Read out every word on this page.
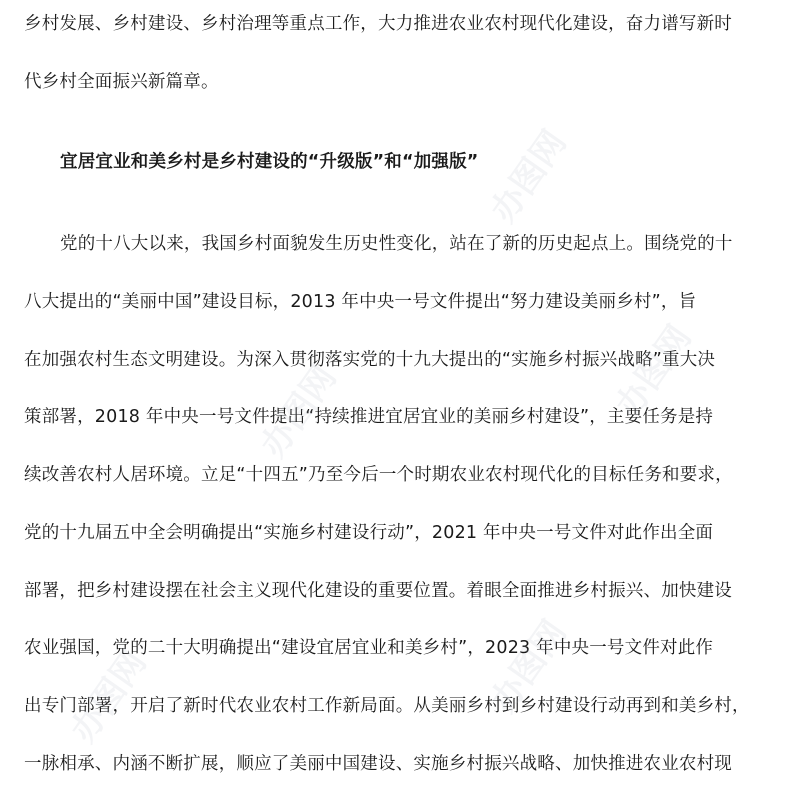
乡村发展、乡村建设、乡村治理等重点工作，大力推进农业农村现代化建设，奋力谱写新时
代乡村全面振兴新篇章。
宜居宜业和美乡村是乡村建设的“升级版”和“加强版”
党的十八大以来，我国乡村面貌发生历史性变化，站在了新的历史起点上。围绕党的十
八大提出的“美丽中国”建设目标，2013 年中央一号文件提出“努力建设美丽乡村”，旨
在加强农村生态文明建设。为深入贯彻落实党的十九大提出的“实施乡村振兴战略”重大决
策部署，2018 年中央一号文件提出“持续推进宜居宜业的美丽乡村建设”，主要任务是持
续改善农村人居环境。立足“十四五”乃至今后一个时期农业农村现代化的目标任务和要求，
党的十九届五中全会明确提出“实施乡村建设行动”，2021 年中央一号文件对此作出全面
部署，把乡村建设摆在社会主义现代化建设的重要位置。着眼全面推进乡村振兴、加快建设
农业强国，党的二十大明确提出“建设宜居宜业和美乡村”，2023 年中央一号文件对此作
出专门部署，开启了新时代农业农村工作新局面。从美丽乡村到乡村建设行动再到和美乡村，
一脉相承、内涵不断扩展，顺应了美丽中国建设、实施乡村振兴战略、加快推进农业农村现
办图网
办图网	办图网
办图网	办图网
